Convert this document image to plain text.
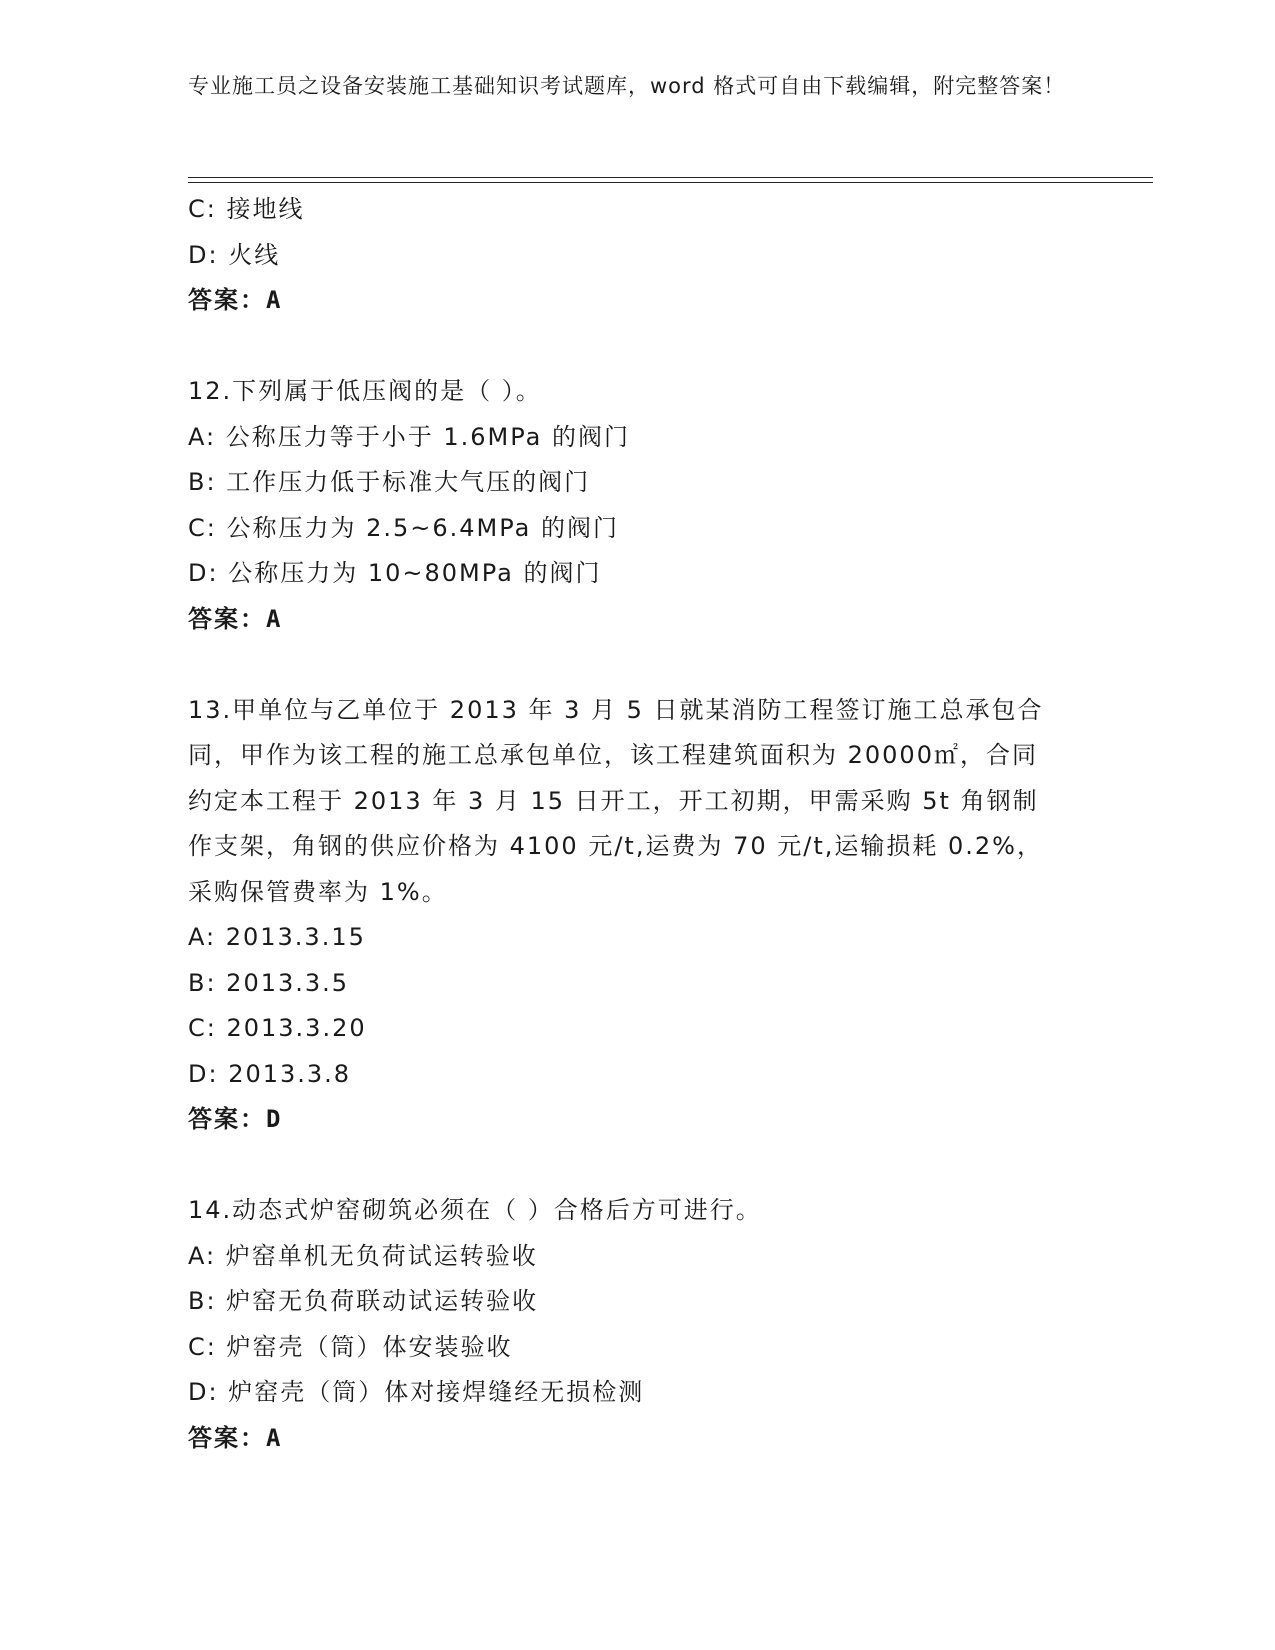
专业施工员之设备安装施工基础知识考试题库，word 格式可自由下载编辑，附完整答案！
C: 接地线
D: 火线
答案：A
12.下列属于低压阀的是（ ）。
A: 公称压力等于小于 1.6MPa 的阀门
B: 工作压力低于标准大气压的阀门
C: 公称压力为 2.5~6.4MPa 的阀门
D: 公称压力为 10~80MPa 的阀门
答案：A
13.甲单位与乙单位于 2013 年 3 月 5 日就某消防工程签订施工总承包合同，甲作为该工程的施工总承包单位，该工程建筑面积为 20000㎡，合同约定本工程于 2013 年 3 月 15 日开工，开工初期，甲需采购 5t 角钢制作支架，角钢的供应价格为 4100 元/t,运费为 70 元/t,运输损耗 0.2%，采购保管费率为 1%。
A: 2013.3.15
B: 2013.3.5
C: 2013.3.20
D: 2013.3.8
答案：D
14.动态式炉窑砌筑必须在（ ）合格后方可进行。
A: 炉窑单机无负荷试运转验收
B: 炉窑无负荷联动试运转验收
C: 炉窑壳（筒）体安装验收
D: 炉窑壳（筒）体对接焊缝经无损检测
答案：A
